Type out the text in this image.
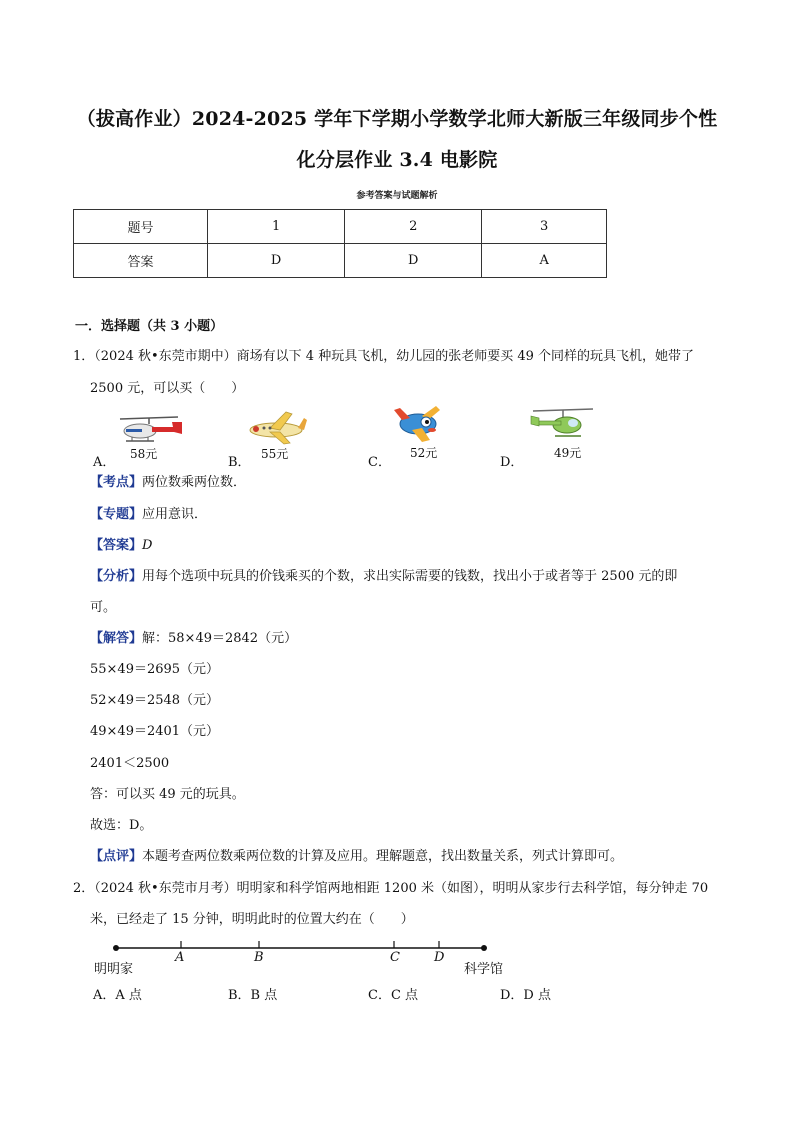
（拔高作业）2024-2025 学年下学期小学数学北师大新版三年级同步个性
化分层作业 3.4 电影院
参考答案与试题解析
题号	1	2	3
答案	D	D	A
一．选择题（共 3 小题）
1．（2024 秋•东莞市期中）商场有以下 4 种玩具飞机，幼儿园的张老师要买 49 个同样的玩具飞机，她带了
2500 元，可以买（　　）
58元
A．
55元
B．
52元
C．
49元
D．
【考点】两位数乘两位数．
【专题】应用意识．
【答案】D
【分析】用每个选项中玩具的价钱乘买的个数，求出实际需要的钱数，找出小于或者等于 2500 元的即
可。
【解答】解：58×49＝2842（元）
55×49＝2695（元）
52×49＝2548（元）
49×49＝2401（元）
2401＜2500
答：可以买 49 元的玩具。
故选：D。
【点评】本题考查两位数乘两位数的计算及应用。理解题意，找出数量关系，列式计算即可。
2．（2024 秋•东莞市月考）明明家和科学馆两地相距 1200 米（如图），明明从家步行去科学馆，每分钟走 70
米，已经走了 15 分钟，明明此时的位置大约在（　　）
A	B	C	D
明明家	科学馆
A．A 点	B．B 点	C．C 点	D．D 点
